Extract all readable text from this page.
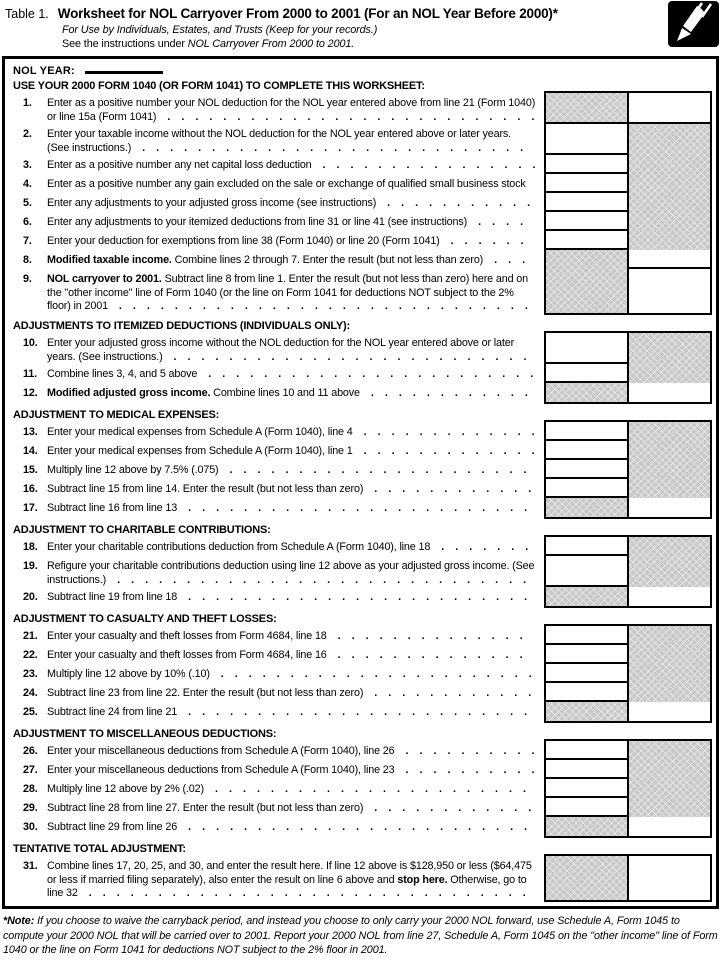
Table 1. Worksheet for NOL Carryover From 2000 to 2001 (For an NOL Year Before 2000)*
For Use by Individuals, Estates, and Trusts (Keep for your records.)
See the instructions under NOL Carryover From 2000 to 2001.
NOL YEAR:
USE YOUR 2000 FORM 1040 (OR FORM 1041) TO COMPLETE THIS WORKSHEET:
1.	Enter as a positive number your NOL deduction for the NOL year entered above from line 21 (Form 1040) or line 15a (Form 1041) . . .
2.	Enter your taxable income without the NOL deduction for the NOL year entered above or later years. (See instructions.) . . .
3.	Enter as a positive number any net capital loss deduction . . .
4.	Enter as a positive number any gain excluded on the sale or exchange of qualified small business stock . . .
5.	Enter any adjustments to your adjusted gross income (see instructions) . . .
6.	Enter any adjustments to your itemized deductions from line 31 or line 41 (see instructions) . . .
7.	Enter your deduction for exemptions from line 38 (Form 1040) or line 20 (Form 1041) . . .
8.	Modified taxable income. Combine lines 2 through 7. Enter the result (but not less than zero) . . .
9.	NOL carryover to 2001. Subtract line 8 from line 1. Enter the result (but not less than zero) here and on the "other income" line of Form 1040 (or the line on Form 1041 for deductions NOT subject to the 2% floor) in 2001 . . .
ADJUSTMENTS TO ITEMIZED DEDUCTIONS (INDIVIDUALS ONLY):
10. Enter your adjusted gross income without the NOL deduction for the NOL year entered above or later years. (See instructions.) . . .
11. Combine lines 3, 4, and 5 above . . .
12. Modified adjusted gross income. Combine lines 10 and 11 above . . .
ADJUSTMENT TO MEDICAL EXPENSES:
13. Enter your medical expenses from Schedule A (Form 1040), line 4 . . .
14. Enter your medical expenses from Schedule A (Form 1040), line 1 . . .
15. Multiply line 12 above by 7.5% (.075) . . .
16. Subtract line 15 from line 14. Enter the result (but not less than zero) . . .
17. Subtract line 16 from line 13 . . .
ADJUSTMENT TO CHARITABLE CONTRIBUTIONS:
18. Enter your charitable contributions deduction from Schedule A (Form 1040), line 18 . . .
19. Refigure your charitable contributions deduction using line 12 above as your adjusted gross income. (See instructions.) . . .
20. Subtract line 19 from line 18 . . .
ADJUSTMENT TO CASUALTY AND THEFT LOSSES:
21. Enter your casualty and theft losses from Form 4684, line 18 . . .
22. Enter your casualty and theft losses from Form 4684, line 16 . . .
23. Multiply line 12 above by 10% (.10) . . .
24. Subtract line 23 from line 22. Enter the result (but not less than zero) . . .
25. Subtract line 24 from line 21 . . .
ADJUSTMENT TO MISCELLANEOUS DEDUCTIONS:
26. Enter your miscellaneous deductions from Schedule A (Form 1040), line 26 . . .
27. Enter your miscellaneous deductions from Schedule A (Form 1040), line 23 . . .
28. Multiply line 12 above by 2% (.02) . . .
29. Subtract line 28 from line 27. Enter the result (but not less than zero) . . .
30. Subtract line 29 from line 26 . . .
TENTATIVE TOTAL ADJUSTMENT:
31. Combine lines 17, 20, 25, and 30, and enter the result here. If line 12 above is $128,950 or less ($64,475 or less if married filing separately), also enter the result on line 6 above and stop here. Otherwise, go to line 32 . . .
*Note: If you choose to waive the carryback period, and instead you choose to only carry your 2000 NOL forward, use Schedule A, Form 1045 to compute your 2000 NOL that will be carried over to 2001. Report your 2000 NOL from line 27, Schedule A, Form 1045 on the "other income" line of Form 1040 or the line on Form 1041 for deductions NOT subject to the 2% floor in 2001.
